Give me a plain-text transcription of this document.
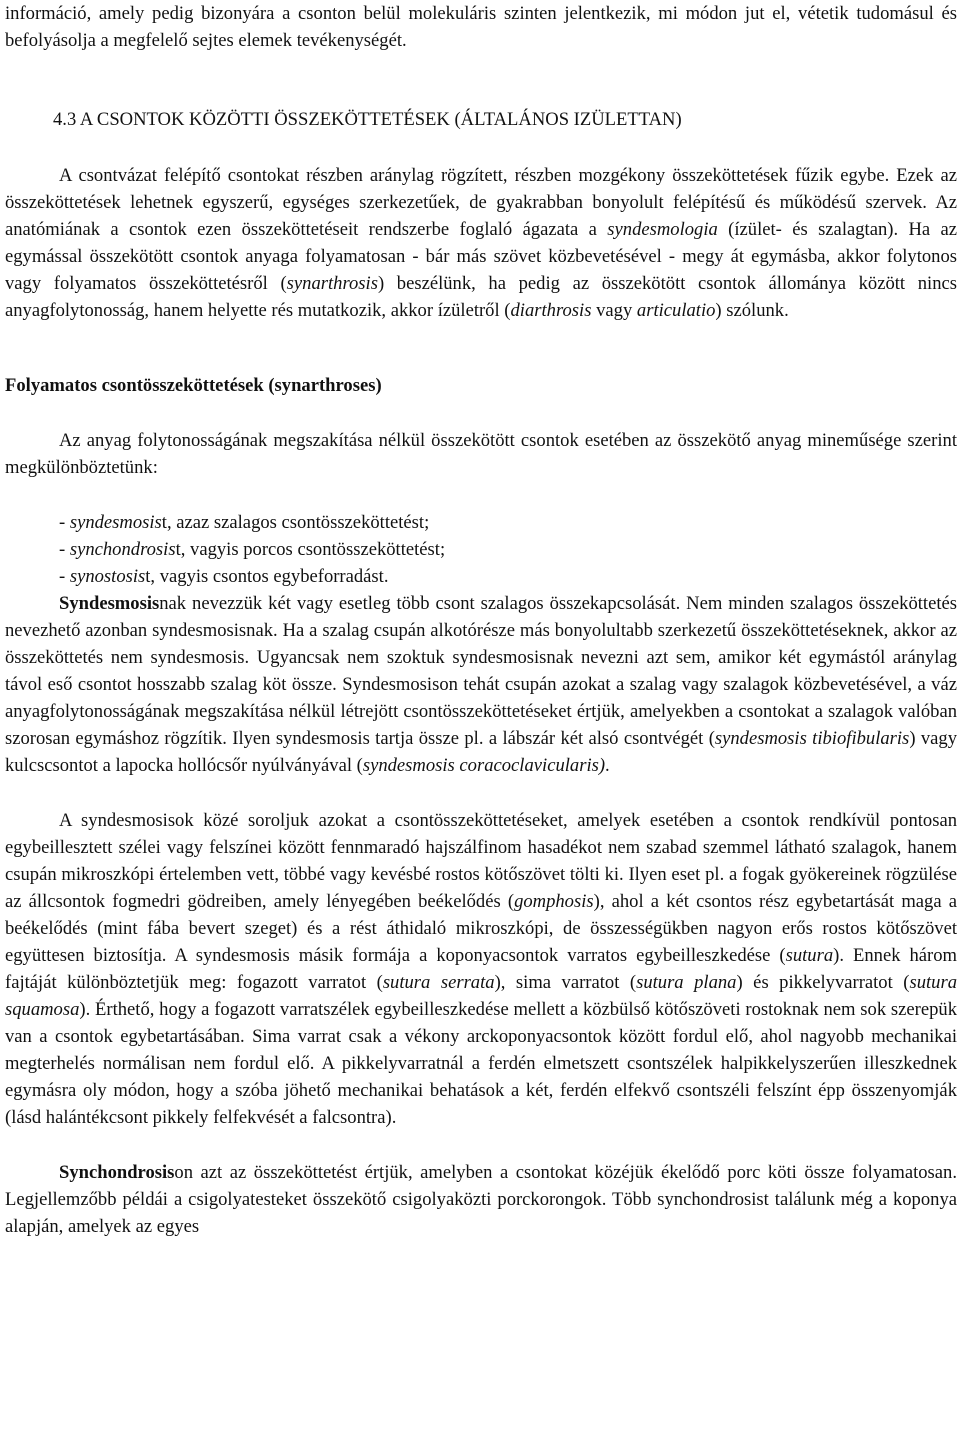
információ, amely pedig bizonyára a csonton belül molekuláris szinten jelentkezik, mi módon jut el, vétetik tudomásul és befolyásolja a megfelelő sejtes elemek tevékenységét.

4.3 A CSONTOK KÖZÖTTI ÖSSZEKÖTTETÉSEK (ÁLTALÁNOS IZÜLETTAN)

A csontvázat felépítő csontokat részben aránylag rögzített, részben mozgékony összeköttetések fűzik egybe. Ezek az összeköttetések lehetnek egyszerű, egységes szerkezetűek, de gyakrabban bonyolult felépítésű és működésű szervek. Az anatómiának a csontok ezen összeköttetéseit rendszerbe foglaló ágazata a syndesmologia (ízület- és szalagtan). Ha az egymással összekötött csontok anyaga folyamatosan - bár más szövet közbevetésével - megy át egymásba, akkor folytonos vagy folyamatos összeköttetésről (synarthrosis) beszélünk, ha pedig az összekötött csontok állománya között nincs anyagfolytonosság, hanem helyette rés mutatkozik, akkor ízületről (diarthrosis vagy articulatio) szólunk.

Folyamatos csontösszeköttetések (synarthroses)

Az anyag folytonosságának megszakítása nélkül összekötött csontok esetében az összekötő anyag mineműsége szerint megkülönböztetünk:

- syndesmosist, azaz szalagos csontösszeköttetést;

- synchondrosist, vagyis porcos csontösszeköttetést;

- synostosist, vagyis csontos egybeforradást.

Syndesmosisnak nevezzük két vagy esetleg több csont szalagos összekapcsolását. Nem minden szalagos összeköttetés nevezhető azonban syndesmosisnak. Ha a szalag csupán alkotórésze más bonyolultabb szerkezetű összeköttetéseknek, akkor az összeköttetés nem syndesmosis. Ugyancsak nem szoktuk syndesmosisnak nevezni azt sem, amikor két egymástól aránylag távol eső csontot hosszabb szalag köt össze. Syndesmosison tehát csupán azokat a szalag vagy szalagok közbevetésével, a váz anyagfolytonosságának megszakítása nélkül létrejött csontösszeköttetéseket értjük, amelyekben a csontokat a szalagok valóban szorosan egymáshoz rögzítik. Ilyen syndesmosis tartja össze pl. a lábszár két alsó csontvégét (syndesmosis tibiofibularis) vagy kulcscsontot a lapocka hollócsőr nyúlványával (syndesmosis coracoclavicularis).

A syndesmosisok közé soroljuk azokat a csontösszeköttetéseket, amelyek esetében a csontok rendkívül pontosan egybeillesztett szélei vagy felszínei között fennmaradó hajszálfinom hasadékot nem szabad szemmel látható szalagok, hanem csupán mikroszkópi értelemben vett, többé vagy kevésbé rostos kötőszövet tölti ki. Ilyen eset pl. a fogak gyökereinek rögzülése az állcsontok fogmedri gödreiben, amely lényegében beékelődés (gomphosis), ahol a két csontos rész egybetartását maga a beékelődés (mint fába bevert szeget) és a rést áthidaló mikroszkópi, de összességükben nagyon erős rostos kötőszövet együttesen biztosítja. A syndesmosis másik formája a koponyacsontok varratos egybeilleszkedése (sutura). Ennek három fajtáját különböztetjük meg: fogazott varratot (sutura serrata), sima varratot (sutura plana) és pikkelyvarratot (sutura squamosa). Érthető, hogy a fogazott varratszélek egybeilleszkedése mellett a közbülső kötőszöveti rostoknak nem sok szerepük van a csontok egybetartásában. Sima varrat csak a vékony arckoponyacsontok között fordul elő, ahol nagyobb mechanikai megterhelés normálisan nem fordul elő. A pikkelyvarratnál a ferdén elmetszett csontszélek halpikkelyszerűen illeszkednek egymásra oly módon, hogy a szóba jöhető mechanikai behatások a két, ferdén elfekvő csontszéli felszínt épp összenyomják (lásd halántékcsont pikkely felfekvését a falcsontra).

Synchondrosison azt az összeköttetést értjük, amelyben a csontokat közéjük ékelődő porc köti össze folyamatosan. Legjellemzőbb példái a csigolyatesteket összekötő csigolyaközti porckorongok. Több synchondrosist találunk még a koponya alapján, amelyek az egyes
